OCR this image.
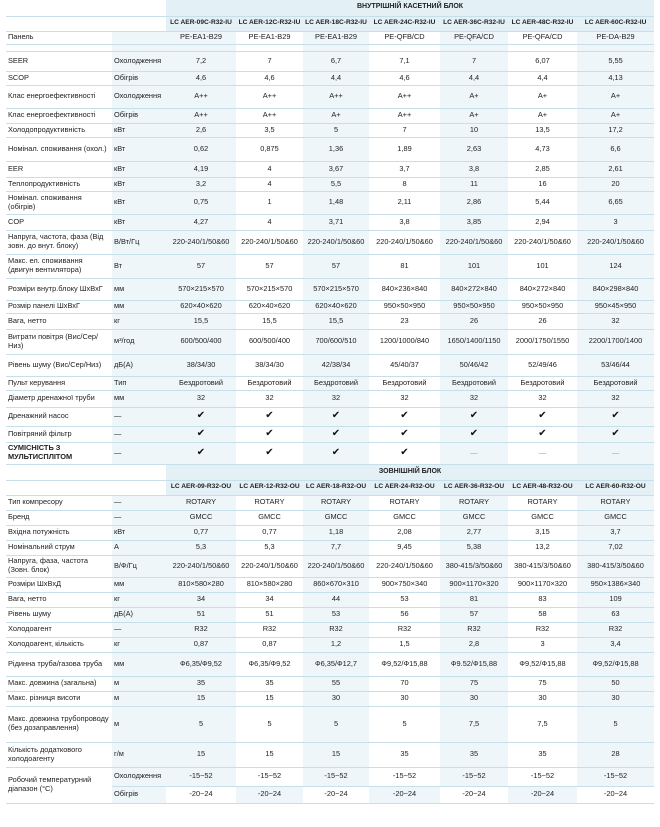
		ВНУТРІШНІЙ КАСЕТНИЙ БЛОК						
		LC AER-09C-R32-IU	LC AER-12C-R32-IU	LC AER-18C-R32-IU	LC AER-24C-R32-IU	LC AER-36C-R32-IU	LC AER-48C-R32-IU	LC AER-60C-R32-IU
Панель		PE-EA1-B29	PE-EA1-B29	PE-EA1-B29	PE-QFB/CD	PE-QFA/CD	PE-QFA/CD	PE-DA-B29

SEER	Охолодження	7,2	7	6,7	7,1	7	6,07	5,55
SCOP	Обігрів	4,6	4,6	4,4	4,6	4,4	4,4	4,13
Клас енергоефективності	Охолодження	A++	A++	A++	A++	A+	A+	A+
Клас енергоефективності	Обігрів	A++	A++	A+	A++	A+	A+	A+
Холодопродуктивність	кВт	2,6	3,5	5	7	10	13,5	17,2
Номінал. споживання (охол.)	кВт	0,62	0,875	1,36	1,89	2,63	4,73	6,6
EER	кВт	4,19	4	3,67	3,7	3,8	2,85	2,61
Теплопродуктивність	кВт	3,2	4	5,5	8	11	16	20
Номінал. споживання (обігрів)	кВт	0,75	1	1,48	2,11	2,86	5,44	6,65
COP	кВт	4,27	4	3,71	3,8	3,85	2,94	3
Напруга, частота, фаза (Від зовн. до внут. блоку)	В/Вт/Гц	220-240/1/50&60	220-240/1/50&60	220-240/1/50&60	220-240/1/50&60	220-240/1/50&60	220-240/1/50&60	220-240/1/50&60
Макс. ел. споживання (двигун вентилятора)	Вт	57	57	57	81	101	101	124
Розміри внутр.блоку ШхВхГ	мм	570×215×570	570×215×570	570×215×570	840×236×840	840×272×840	840×272×840	840×298×840
Розмір панелі ШхВхГ	мм	620×40×620	620×40×620	620×40×620	950×50×950	950×50×950	950×50×950	950×45×950
Вага, нетто	кг	15,5	15,5	15,5	23	26	26	32
Витрати повітря (Вис/Сер/Низ)	м³/год	600/500/400	600/500/400	700/600/510	1200/1000/840	1650/1400/1150	2000/1750/1550	2200/1700/1400
Рівень шуму (Вис/Сер/Низ)	дБ(А)	38/34/30	38/34/30	42/38/34	45/40/37	50/46/42	52/49/46	53/46/44
Пульт керування	Тип	Бездротовий	Бездротовий	Бездротовий	Бездротовий	Бездротовий	Бездротовий	Бездротовий
Діаметр дренажної труби	мм	32	32	32	32	32	32	32
Дренажний насос	—	✔	✔	✔	✔	✔	✔	✔
Повітряний фільтр	—	✔	✔	✔	✔	✔	✔	✔
СУМІСНІСТЬ З МУЛЬТИСПЛІТОМ	—	✔	✔	✔	✔	—	—	—
		ЗОВНІШНІЙ БЛОК						
		LC AER-09-R32-OU	LC AER-12-R32-OU	LC AER-18-R32-OU	LC AER-24-R32-OU	LC AER-36-R32-OU	LC AER-48-R32-OU	LC AER-60-R32-OU
Тип компресору	—	ROTARY	ROTARY	ROTARY	ROTARY	ROTARY	ROTARY	ROTARY
Бренд	—	GMCC	GMCC	GMCC	GMCC	GMCC	GMCC	GMCC
Вхідна потужність	кВт	0,77	0,77	1,18	2,08	2,77	3,15	3,7
Номінальний струм	A	5,3	5,3	7,7	9,45	5,38	13,2	7,02
Напруга, фаза, частота (Зовн. блок)	В/Ф/Гц	220-240/1/50&60	220-240/1/50&60	220-240/1/50&60	220-240/1/50&60	380-415/3/50&60	380-415/3/50&60	380-415/3/50&60
Розміри ШхВхД	мм	810×580×280	810×580×280	860×670×310	900×750×340	900×1170×320	900×1170×320	950×1386×340
Вага, нетто	кг	34	34	44	53	81	83	109
Рівень шуму	дБ(А)	51	51	53	56	57	58	63
Холодоагент	—	R32	R32	R32	R32	R32	R32	R32
Холодоагент, кількість	кг	0,87	0,87	1,2	1,5	2,8	3	3,4
Рідинна труба/газова труба	мм	Ф6,35/Ф9,52	Ф6,35/Ф9,52	Ф6,35/Ф12,7	Ф9,52/Ф15,88	Ф9.52/Ф15,88	Ф9,52/Ф15,88	Ф9,52/Ф15,88
Макс. довжина (загальна)	м	35	35	55	70	75	75	50
Макс. різниця висоти	м	15	15	30	30	30	30	30
Макс. довжина трубопроводу (без дозаправлення)	м	5	5	5	5	7,5	7,5	5
Кількість додаткового холодоагенту	г/м	15	15	15	35	35	35	28
Робочий температурний діапазон (°C)	Охолодження	-15~52	-15~52	-15~52	-15~52	-15~52	-15~52	-15~52
	Обігрів	-20~24	-20~24	-20~24	-20~24	-20~24	-20~24	-20~24
